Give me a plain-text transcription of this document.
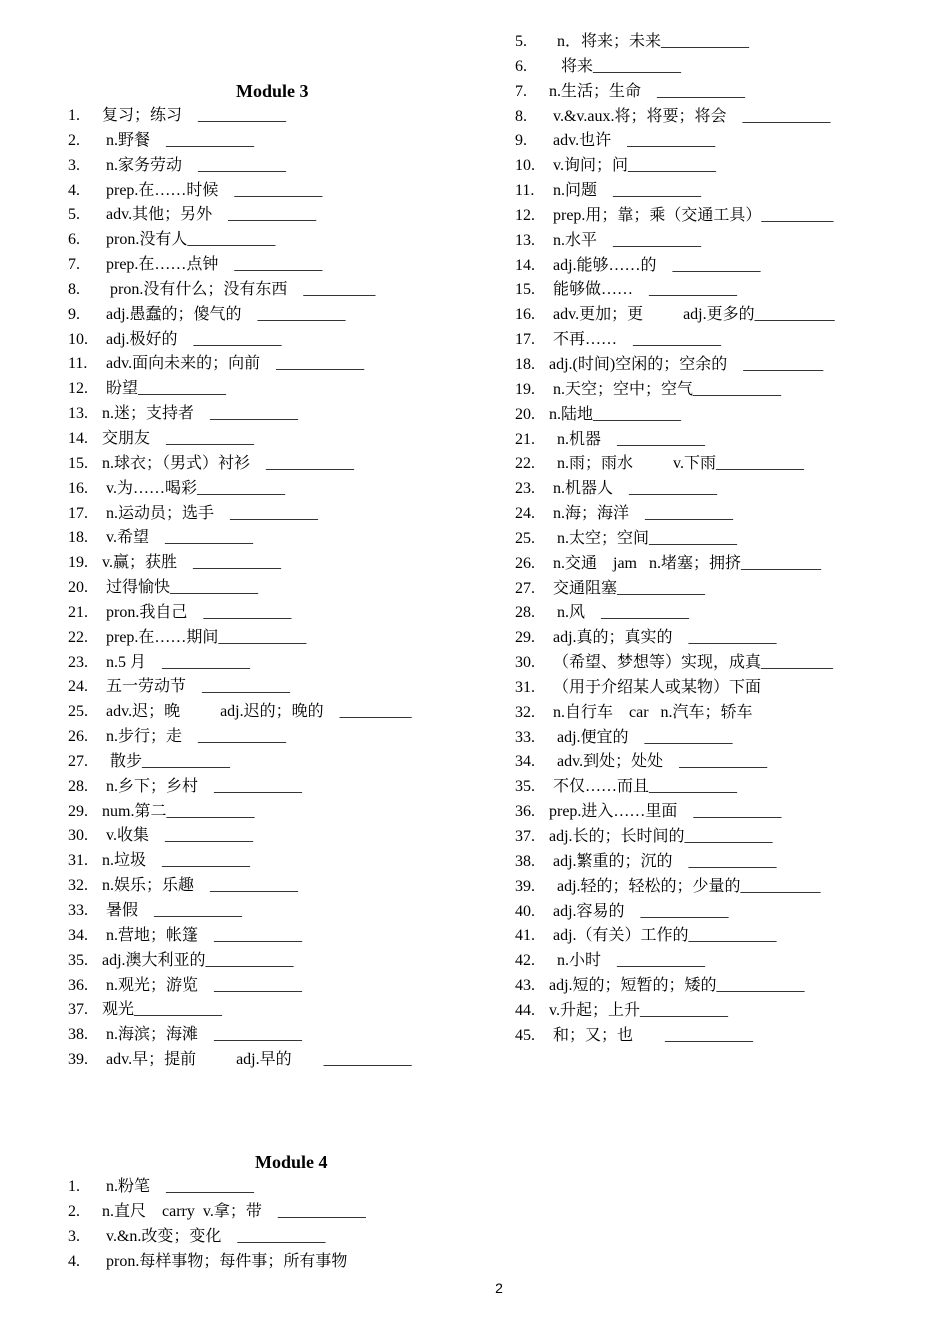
Module 3
1.	复习；练习    ___________
2.	n.野餐    ___________
3.	n.家务劳动    ___________
4.	prep.在……时候    ___________
5.	adv.其他；另外    ___________
6.	pron.没有人___________
7.	prep.在……点钟    ___________
8.	pron.没有什么；没有东西    _________
9.	adj.愚蠢的；傻气的    ___________
10. adj.极好的    ___________
11. adv.面向未来的；向前    ___________
12. 盼望___________
13. n.迷；支持者    ___________
14. 交朋友    ___________
15. n.球衣；（男式）衬衫    ___________
16. v.为……喝彩___________
17. n.运动员；选手    ___________
18. v.希望    ___________
19. v.赢；获胜    ___________
20. 过得愉快___________
21. pron.我自己    ___________
22. prep.在……期间___________
23. n.5 月    ___________
24. 五一劳动节    ___________
25. adv.迟；晚          adj.迟的；晚的    _________
26. n.步行；走    ___________
27. 散步___________
28. n.乡下；乡村    ___________
29. num.第二___________
30. v.收集    ___________
31. n.垃圾    ___________
32. n.娱乐；乐趣    ___________
33. 暑假    ___________
34. n.营地；帐篷    ___________
35. adj.澳大利亚的___________
36. n.观光；游览    ___________
37. 观光___________
38. n.海滨；海滩    ___________
39. adv.早；提前          adj.早的        ___________
Module 4
1.	n.粉笔    ___________
2.	n.直尺    carry  v.拿；带    ___________
3.	v.&n.改变；变化    ___________
4.	pron.每样事物；每件事；所有事物
5.	n．将来；未来___________
6.	将来___________
7.	n.生活；生命    ___________
8.	v.&v.aux.将；将要；将会    ___________
9.	adv.也许    ___________
10. v.询问；问___________
11. n.问题    ___________
12. prep.用；靠；乘（交通工具）_________
13. n.水平    ___________
14. adj.能够……的    ___________
15. 能够做……    ___________
16. adv.更加；更          adj.更多的__________
17. 不再……    ___________
18. adj.(时间)空闲的；空余的    __________
19. n.天空；空中；空气___________
20. n.陆地___________
21. n.机器    ___________
22. n.雨；雨水          v.下雨___________
23. n.机器人    ___________
24. n.海；海洋    ___________
25. n.太空；空间___________
26. n.交通    jam   n.堵塞；拥挤__________
27. 交通阻塞___________
28. n.风    ___________
29. adj.真的；真实的    ___________
30. （希望、梦想等）实现，成真_________
31. （用于介绍某人或某物）下面
32. n.自行车    car   n.汽车；轿车
33. adj.便宜的    ___________
34. adv.到处；处处    ___________
35. 不仅……而且___________
36. prep.进入……里面    ___________
37. adj.长的；长时间的___________
38. adj.繁重的；沉的    ___________
39. adj.轻的；轻松的；少量的__________
40. adj.容易的    ___________
41. adj.（有关）工作的___________
42. n.小时    ___________
43. adj.短的；短暂的；矮的___________
44. v.升起；上升___________
45. 和；又；也        ___________
2
